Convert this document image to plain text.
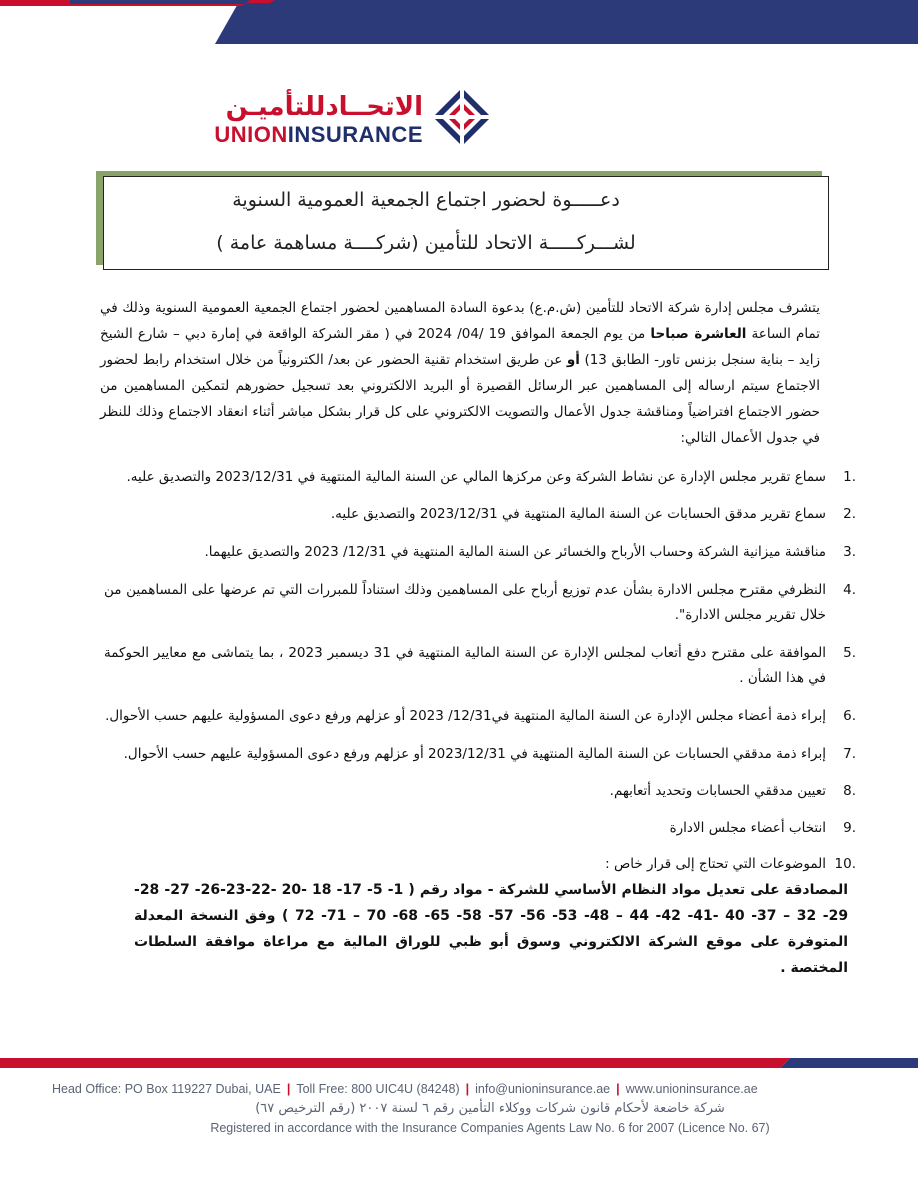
الاتحــادللتأميـن
UNIONINSURANCE
دعـــــوة لحضور اجتماع الجمعية العمومية السنوية
لشـــركـــــة الاتحاد للتأمين (شركــــة مساهمة عامة )
يتشرف مجلس إدارة شركة الاتحاد للتأمين (ش.م.ع) بدعوة السادة المساهمين لحضور اجتماع الجمعية العمومية السنوية وذلك في تمام الساعة العاشرة صباحا من يوم الجمعة الموافق 19 /04/ 2024 في ( مقر الشركة الواقعة في إمارة دبي – شارع الشيخ زايد – بناية سنجل بزنس تاور- الطابق 13) أو عن طريق استخدام تقنية الحضور عن بعد/ الكترونياً من خلال استخدام رابط لحضور الاجتماع سيتم ارساله إلى المساهمين عبر الرسائل القصيرة أو البريد الالكتروني بعد تسجيل حضورهم لتمكين المساهمين من حضور الاجتماع افتراضياً ومناقشة جدول الأعمال والتصويت الالكتروني على كل قرار بشكل مباشر أثناء انعقاد الاجتماع وذلك للنظر في جدول الأعمال التالي:
.1
سماع تقرير مجلس الإدارة عن نشاط الشركة وعن مركزها المالي عن السنة المالية المنتهية في 2023/12/31 والتصديق عليه.
.2
سماع تقرير مدقق الحسابات عن السنة المالية المنتهية في 2023/12/31 والتصديق عليه.
.3
مناقشة ميزانية الشركة وحساب الأرباح والخسائر عن السنة المالية المنتهية في 12/31/ 2023 والتصديق عليهما.
.4
النظرفي مقترح مجلس الادارة بشأن عدم توزيع أرباح على المساهمين وذلك استناداً للمبررات التي تم عرضها على المساهمين من خلال تقرير مجلس الادارة".
.5
الموافقة على مقترح دفع أتعاب لمجلس الإدارة عن السنة المالية المنتهية في 31 ديسمبر 2023 ، بما يتماشى مع معايير الحوكمة في هذا الشأن .
.6
إبراء ذمة أعضاء مجلس الإدارة عن السنة المالية المنتهية في12/31/ 2023 أو عزلهم ورفع دعوى المسؤولية عليهم حسب الأحوال.
.7
إبراء ذمة مدققي الحسابات عن السنة المالية المنتهية في 2023/12/31 أو عزلهم ورفع دعوى المسؤولية عليهم حسب الأحوال.
.8
تعيين مدققي الحسابات وتحديد أتعابهم.
.9
انتخاب أعضاء مجلس الادارة
.10
الموضوعات التي تحتاج إلى قرار خاص :
المصادقة على تعديل مواد النظام الأساسي للشركة - مواد رقم ( 1- 5- 17- 18 -20 -22-23-26- 27- 28- 29- 32 – 37- 40 -41- 42- 44 – 48- 53- 56- 57- 58- 65- 68- 70 – 71- 72 ) وفق النسخة المعدلة المتوفرة على موقع الشركة الالكتروني وسوق أبو ظبي للوراق المالية مع مراعاة موافقة السلطات المختصة .
Head Office: PO Box 119227 Dubai, UAE | Toll Free: 800 UIC4U (84248) | info@unioninsurance.ae | www.unioninsurance.ae
شركة خاضعة لأحكام قانون شركات ووكلاء التأمين رقم ٦ لسنة ٢٠٠٧ (رقم الترخيص ٦٧)
Registered in accordance with the Insurance Companies Agents Law No. 6 for 2007 (Licence No. 67)
